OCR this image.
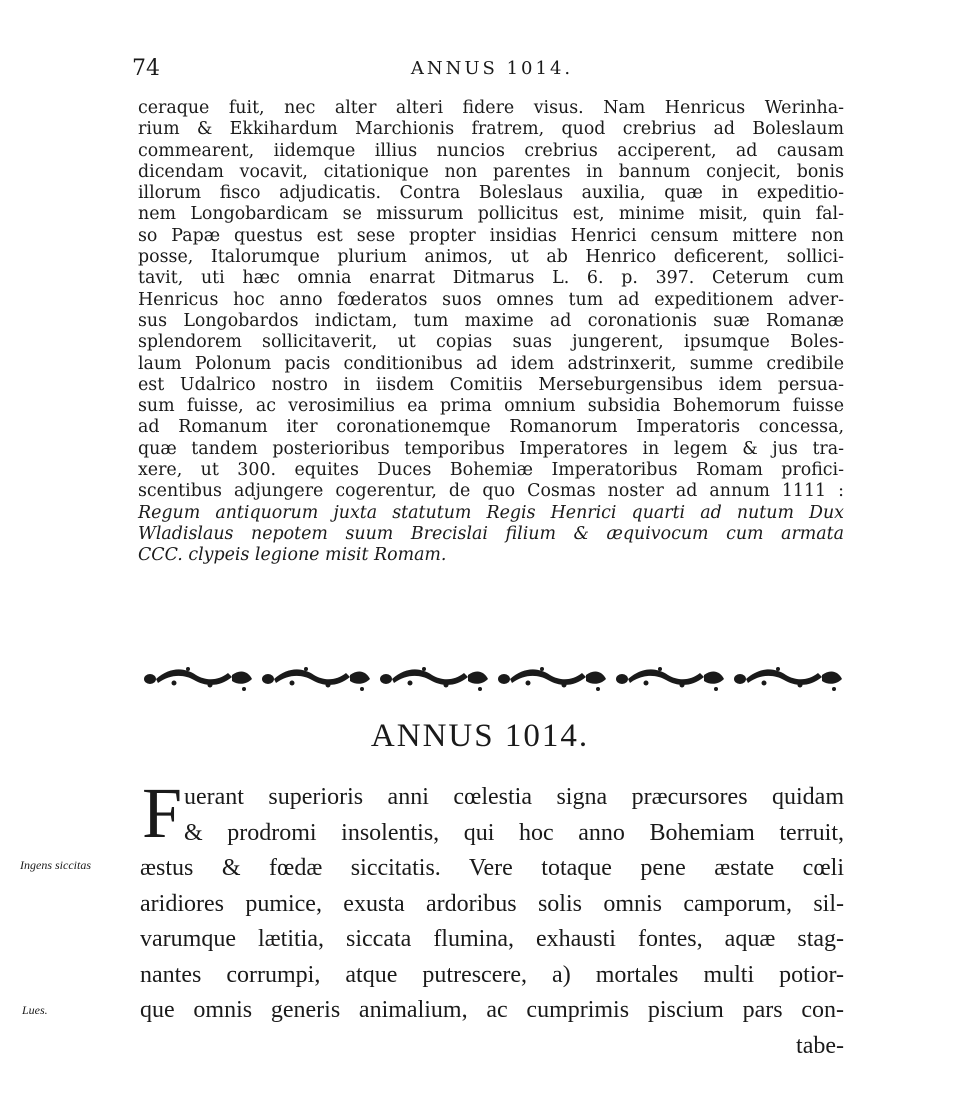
74	ANNUS 1014.
ceraque fuit, nec alter alteri fidere visus. Nam Henricus Werinha-
rium & Ekkihardum Marchionis fratrem, quod crebrius ad Boleslaum
commearent, iidemque illius nuncios crebrius acciperent, ad causam
dicendam vocavit, citationique non parentes in bannum conjecit, bonis
illorum fisco adjudicatis. Contra Boleslaus auxilia, quæ in expeditio-
nem Longobardicam se missurum pollicitus est, minime misit, quin fal-
so Papæ questus est sese propter insidias Henrici censum mittere non
posse, Italorumque plurium animos, ut ab Henrico deficerent, sollici-
tavit, uti hæc omnia enarrat Ditmarus L. 6. p. 397. Ceterum cum
Henricus hoc anno fœderatos suos omnes tum ad expeditionem adver-
sus Longobardos indictam, tum maxime ad coronationis suæ Romanæ
splendorem sollicitaverit, ut copias suas jungerent, ipsumque Boles-
laum Polonum pacis conditionibus ad idem adstrinxerit, summe credibile
est Udalrico nostro in iisdem Comitiis Merseburgensibus idem persua-
sum fuisse, ac verosimilius ea prima omnium subsidia Bohemorum fuisse
ad Romanum iter coronationemque Romanorum Imperatoris concessa,
quæ tandem posterioribus temporibus Imperatores in legem & jus tra-
xere, ut 300. equites Duces Bohemiæ Imperatoribus Romam profici-
scentibus adjungere cogerentur, de quo Cosmas noster ad annum 1111 :
Regum antiquorum juxta statutum Regis Henrici quarti ad nutum Dux
Wladislaus nepotem suum Brecislai filium & æquivocum cum armata
CCC. clypeis legione misit Romam.
ANNUS 1014.
F uerant superioris anni cœlestia signa præcursores quidam
& prodromi insolentis, qui hoc anno Bohemiam terruit,
æstus & fœdæ siccitatis. Vere totaque pene æstate cœli
aridiores pumice, exusta ardoribus solis omnis camporum, sil-
varumque lætitia, siccata flumina, exhausti fontes, aquæ stag-
nantes corrumpi, atque putrescere, a) mortales multi potior-
que omnis generis animalium, ac cumprimis piscium pars con-
tabe-
Ingens siccitas
Lues.
